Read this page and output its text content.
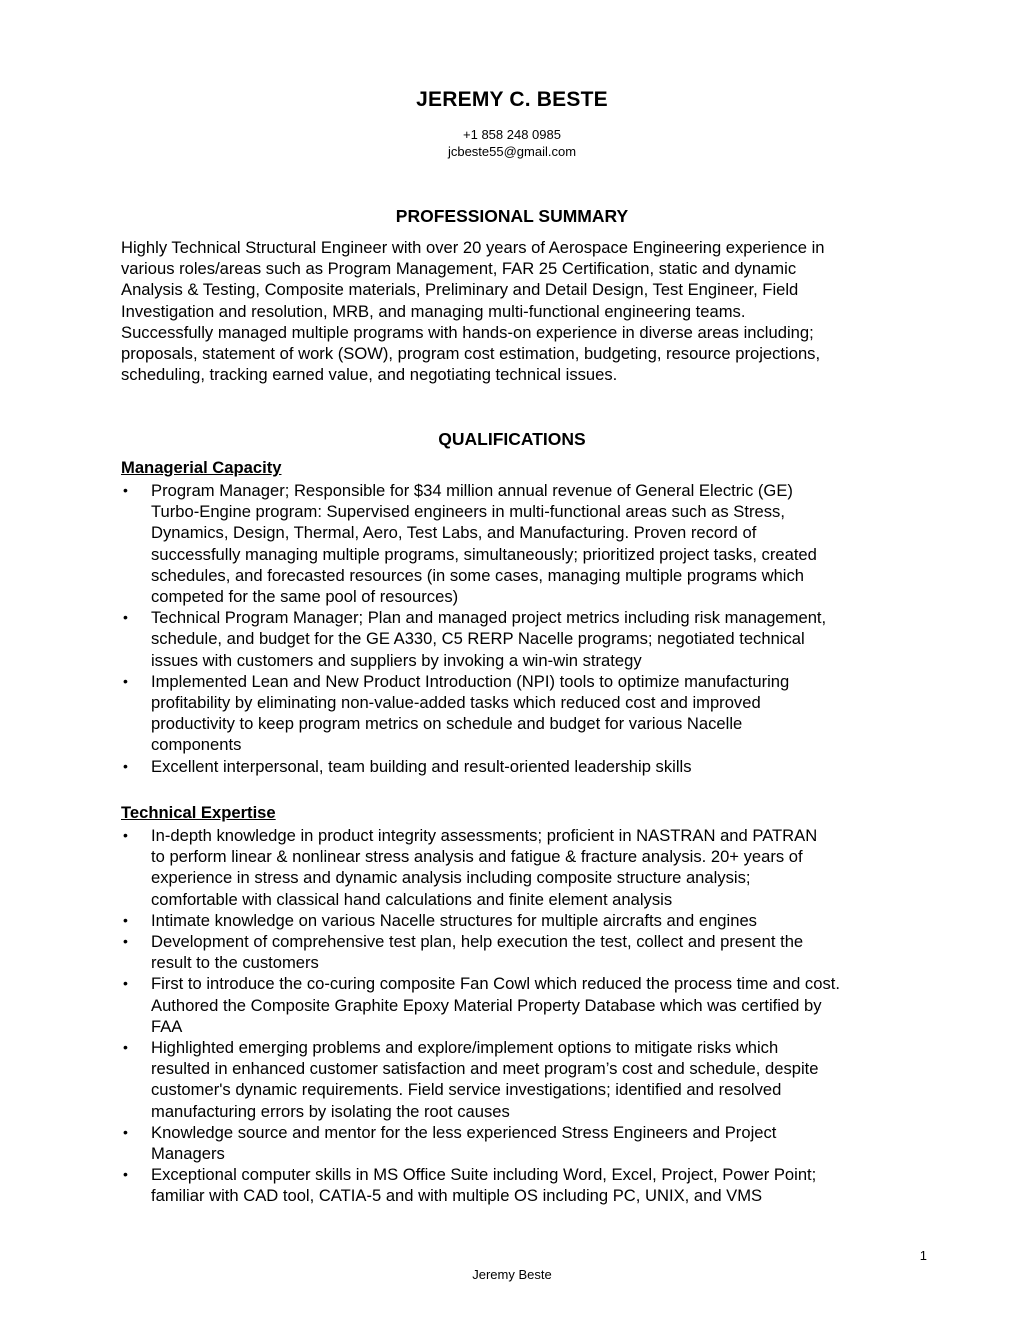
JEREMY C. BESTE
+1 858 248 0985
jcbeste55@gmail.com
PROFESSIONAL SUMMARY
Highly Technical Structural Engineer with over 20 years of Aerospace Engineering experience in
various roles/areas such as Program Management, FAR 25 Certification, static and dynamic
Analysis & Testing, Composite materials, Preliminary and Detail Design, Test Engineer, Field
Investigation and resolution, MRB, and managing multi-functional engineering teams.
Successfully managed multiple programs with hands-on experience in diverse areas including;
proposals, statement of work (SOW), program cost estimation, budgeting, resource projections,
scheduling, tracking earned value, and negotiating technical issues.
QUALIFICATIONS
Managerial Capacity
• Program Manager; Responsible for $34 million annual revenue of General Electric (GE)
Turbo-Engine program: Supervised engineers in multi-functional areas such as Stress,
Dynamics, Design, Thermal, Aero, Test Labs, and Manufacturing. Proven record of
successfully managing multiple programs, simultaneously; prioritized project tasks, created
schedules, and forecasted resources (in some cases, managing multiple programs which
competed for the same pool of resources)
• Technical Program Manager; Plan and managed project metrics including risk management,
schedule, and budget for the GE A330, C5 RERP Nacelle programs; negotiated technical
issues with customers and suppliers by invoking a win-win strategy
• Implemented Lean and New Product Introduction (NPI) tools to optimize manufacturing
profitability by eliminating non-value-added tasks which reduced cost and improved
productivity to keep program metrics on schedule and budget for various Nacelle
components
• Excellent interpersonal, team building and result-oriented leadership skills
Technical Expertise
• In-depth knowledge in product integrity assessments; proficient in NASTRAN and PATRAN
to perform linear & nonlinear stress analysis and fatigue & fracture analysis. 20+ years of
experience in stress and dynamic analysis including composite structure analysis;
comfortable with classical hand calculations and finite element analysis
• Intimate knowledge on various Nacelle structures for multiple aircrafts and engines
• Development of comprehensive test plan, help execution the test, collect and present the
result to the customers
• First to introduce the co-curing composite Fan Cowl which reduced the process time and cost.
Authored the Composite Graphite Epoxy Material Property Database which was certified by
FAA
• Highlighted emerging problems and explore/implement options to mitigate risks which
resulted in enhanced customer satisfaction and meet program’s cost and schedule, despite
customer's dynamic requirements. Field service investigations; identified and resolved
manufacturing errors by isolating the root causes
• Knowledge source and mentor for the less experienced Stress Engineers and Project
Managers
• Exceptional computer skills in MS Office Suite including Word, Excel, Project, Power Point;
familiar with CAD tool, CATIA-5 and with multiple OS including PC, UNIX, and VMS
1
Jeremy Beste
